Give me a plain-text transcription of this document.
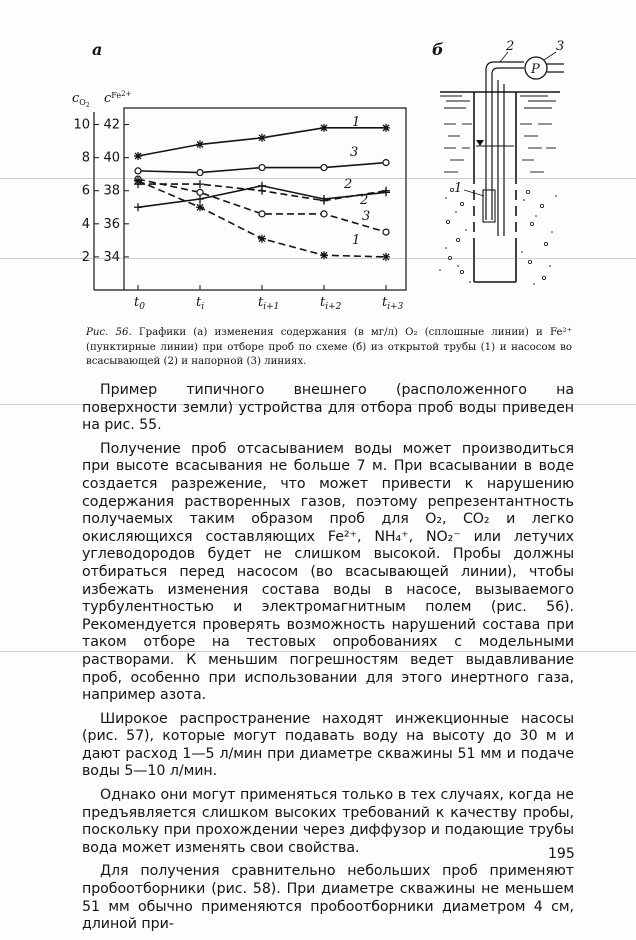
a	б
$c_O2$ $c^{Fe}2+$
10
8
6
4
2
42
40
38
36
34
$t_0$	$t_i$	$t_{i+1}$	$t_{i+2}$	$t_{i+3}$
1
3
2
2
3
1
P
2	3
1
Рис. 56. Графики (а) изменения содержания (в мг/л) O₂ (сплошные линии) и Fe²⁺ (пунктирные линии) при отборе проб по схеме (б) из открытой трубы (1) и насосом во всасывающей (2) и напорной (3) линиях.

Пример типичного внешнего (расположенного на поверхности земли) устройства для отбора проб воды приведен на рис. 55.

Получение проб отсасыванием воды может производиться при высоте всасывания не больше 7 м. При всасывании в воде создается разрежение, что может привести к нарушению содержания растворенных газов, поэтому репрезентантность получаемых таким образом проб для O₂, CO₂ и легко окисляющихся составляющих Fe²⁺, NH₄⁺, NO₂⁻ или летучих углеводородов будет не слишком высокой. Пробы должны отбираться перед насосом (во всасывающей линии), чтобы избежать изменения состава воды в насосе, вызываемого турбулентностью и электромагнитным полем (рис. 56). Рекомендуется проверять возможность нарушений состава при таком отборе на тестовых опробованиях с модельными растворами. К меньшим погрешностям ведет выдавливание проб, особенно при использовании для этого инертного газа, например азота.

Широкое распространение находят инжекционные насосы (рис. 57), которые могут подавать воду на высоту до 30 м и дают расход 1—5 л/мин при диаметре скважины 51 мм и подаче воды 5—10 л/мин.

Однако они могут применяться только в тех случаях, когда не предъявляется слишком высоких требований к качеству пробы, поскольку при прохождении через диффузор и подающие трубы вода может изменять свои свойства.

Для получения сравнительно небольших проб применяют пробоотборники (рис. 58). При диаметре скважины не меньшем 51 мм обычно применяются пробоотборники диаметром 4 см, длиной при-

195
